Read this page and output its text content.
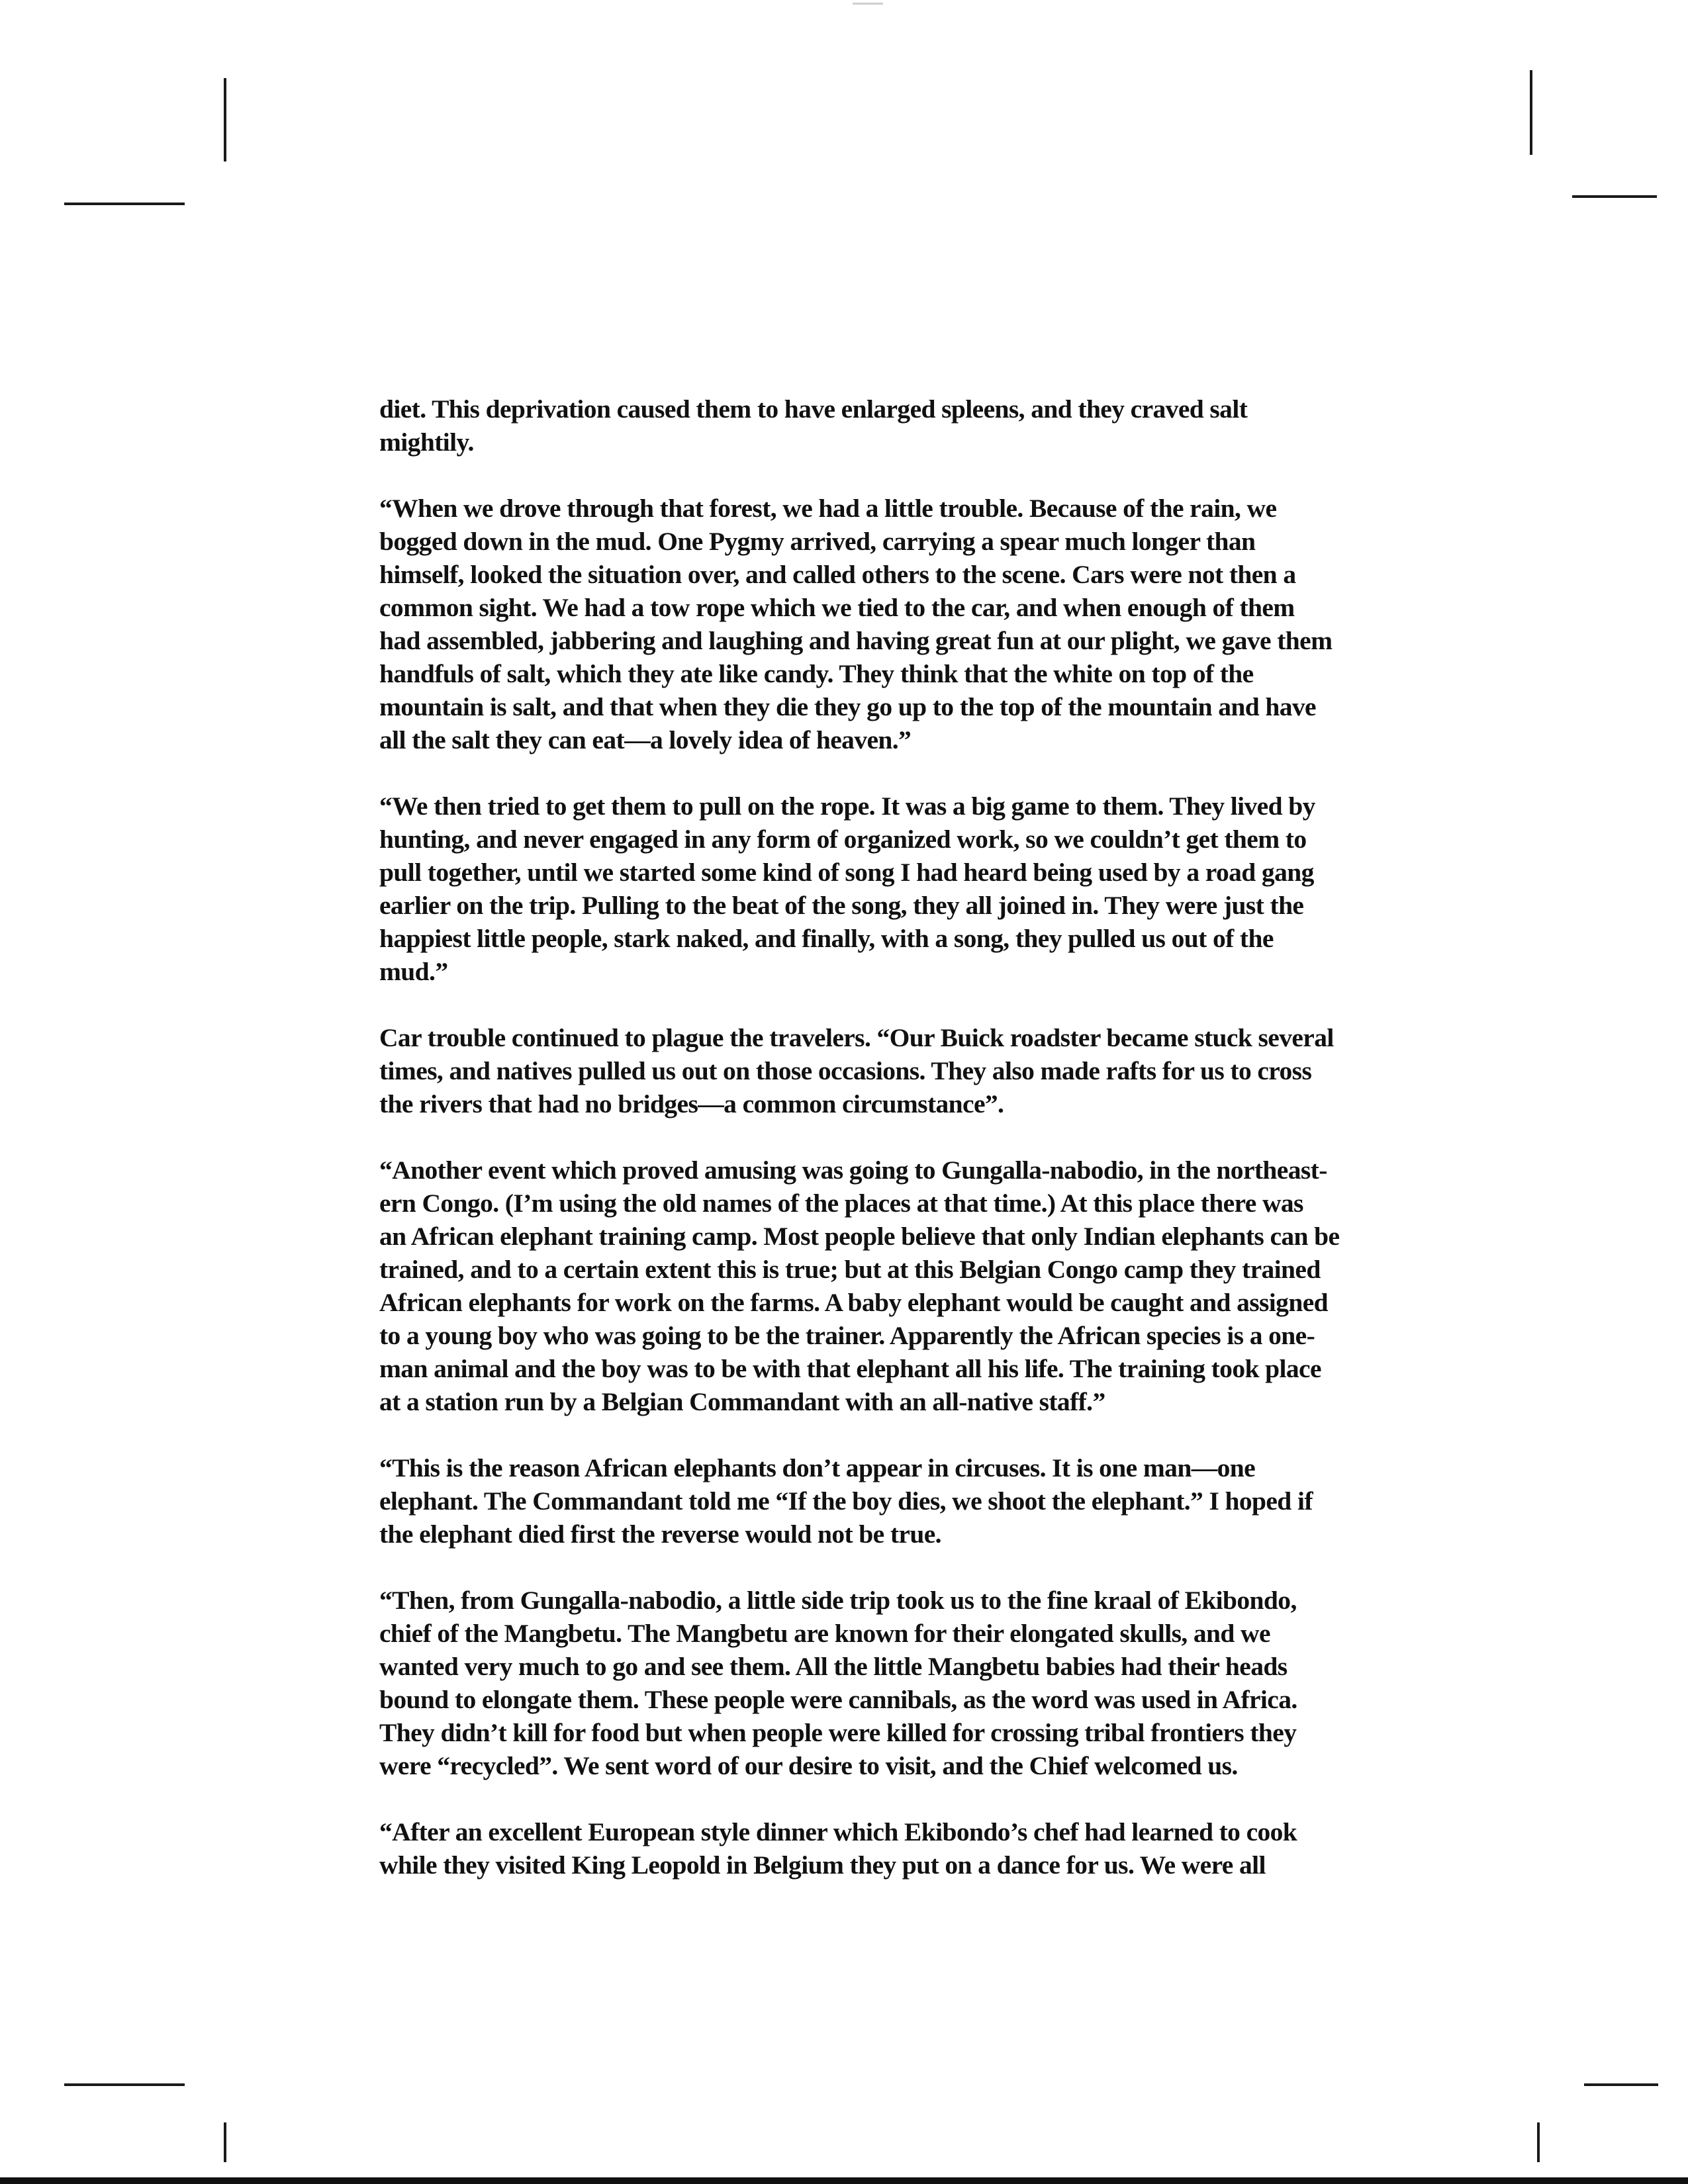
diet. This deprivation caused them to have enlarged spleens, and they craved salt
mightily.

“When we drove through that forest, we had a little trouble. Because of the rain, we
bogged down in the mud. One Pygmy arrived, carrying a spear much longer than
himself, looked the situation over, and called others to the scene. Cars were not then a
common sight. We had a tow rope which we tied to the car, and when enough of them
had assembled, jabbering and laughing and having great fun at our plight, we gave them
handfuls of salt, which they ate like candy. They think that the white on top of the
mountain is salt, and that when they die they go up to the top of the mountain and have
all the salt they can eat—a lovely idea of heaven.”

“We then tried to get them to pull on the rope. It was a big game to them. They lived by
hunting, and never engaged in any form of organized work, so we couldn’t get them to
pull together, until we started some kind of song I had heard being used by a road gang
earlier on the trip. Pulling to the beat of the song, they all joined in. They were just the
happiest little people, stark naked, and finally, with a song, they pulled us out of the
mud.”

Car trouble continued to plague the travelers. “Our Buick roadster became stuck several
times, and natives pulled us out on those occasions. They also made rafts for us to cross
the rivers that had no bridges—a common circumstance”.

“Another event which proved amusing was going to Gungalla-nabodio, in the northeast-
ern Congo. (I’m using the old names of the places at that time.) At this place there was
an African elephant training camp. Most people believe that only Indian elephants can be
trained, and to a certain extent this is true; but at this Belgian Congo camp they trained
African elephants for work on the farms. A baby elephant would be caught and assigned
to a young boy who was going to be the trainer. Apparently the African species is a one-
man animal and the boy was to be with that elephant all his life. The training took place
at a station run by a Belgian Commandant with an all-native staff.”

“This is the reason African elephants don’t appear in circuses. It is one man—one
elephant. The Commandant told me “If the boy dies, we shoot the elephant.” I hoped if
the elephant died first the reverse would not be true.

“Then, from Gungalla-nabodio, a little side trip took us to the fine kraal of Ekibondo,
chief of the Mangbetu. The Mangbetu are known for their elongated skulls, and we
wanted very much to go and see them. All the little Mangbetu babies had their heads
bound to elongate them. These people were cannibals, as the word was used in Africa.
They didn’t kill for food but when people were killed for crossing tribal frontiers they
were “recycled”. We sent word of our desire to visit, and the Chief welcomed us.

“After an excellent European style dinner which Ekibondo’s chef had learned to cook
while they visited King Leopold in Belgium they put on a dance for us. We were all
